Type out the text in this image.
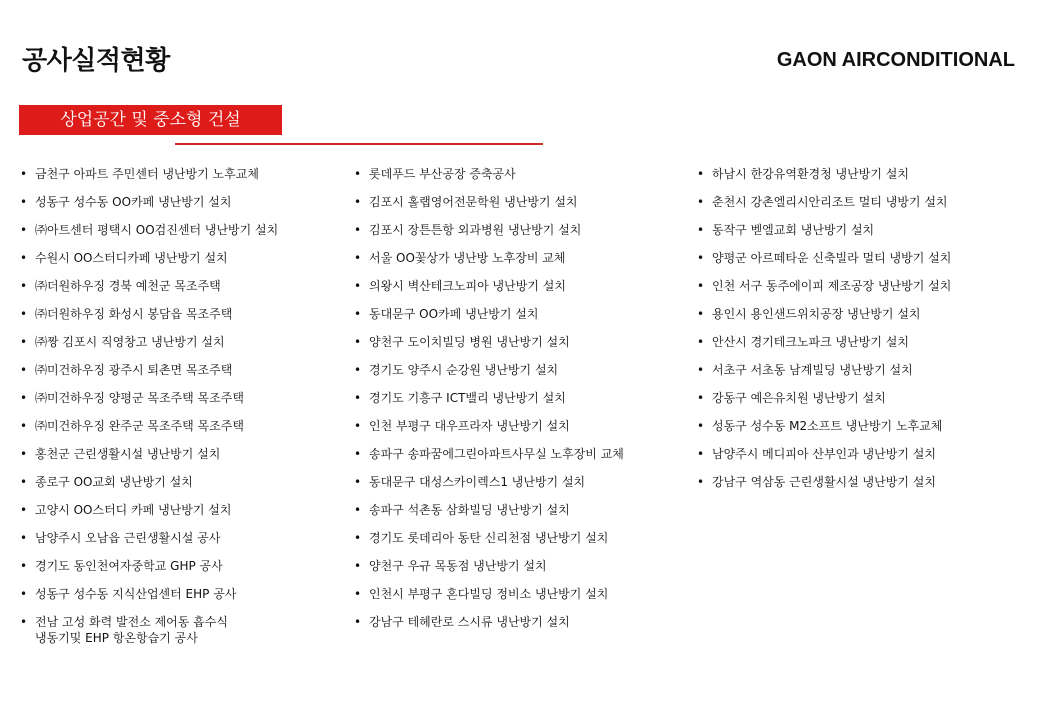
공사실적현황	GAON AIRCONDITIONAL
상업공간 및 중소형 건설
• 금천구 아파트 주민센터 냉난방기 노후교체
• 성동구 성수동 OO카페 냉난방기 설치
• ㈜아트센터 평택시 OO검진센터 냉난방기 설치
• 수원시 OO스터디카페 냉난방기 설치
• ㈜더원하우징 경북 예천군 목조주택
• ㈜더원하우징 화성시 봉담읍 목조주택
• ㈜짱 김포시 직영창고 냉난방기 설치
• ㈜미건하우징 광주시 퇴촌면 목조주택
• ㈜미건하우징 양평군 목조주택 목조주택
• ㈜미건하우징 완주군 목조주택 목조주택
• 홍천군 근린생활시설 냉난방기 설치
• 종로구 OO교회 냉난방기 설치
• 고양시 OO스터디 카페 냉난방기 설치
• 남양주시 오남읍 근린생활시설 공사
• 경기도 동인천여자중학교 GHP 공사
• 성동구 성수동 지식산업센터 EHP 공사
• 전남 고성 화력 발전소 제어동 흡수식
냉동기및 EHP 항온항습기 공사
• 롯데푸드 부산공장 증축공사
• 김포시 홀랩영어전문학원 냉난방기 설치
• 김포시 장튼튼항 외과병원 냉난방기 설치
• 서울 OO꽃상가 냉난방 노후장비 교체
• 의왕시 벽산테크노피아 냉난방기 설치
• 동대문구 OO카페 냉난방기 설치
• 양천구 도이치빌딩 병원 냉난방기 설치
• 경기도 양주시 순강원 냉난방기 설치
• 경기도 기흥구 ICT밸리 냉난방기 설치
• 인천 부평구 대우프라자 냉난방기 설치
• 송파구 송파꿈에그린아파트사무실 노후장비 교체
• 동대문구 대성스카이렉스1 냉난방기 설치
• 송파구 석촌동 삼화빌딩 냉난방기 설치
• 경기도 롯데리아 동탄 신리천점 냉난방기 설치
• 양천구 우규 목동점 냉난방기 설치
• 인천시 부평구 혼다빌딩 정비소 냉난방기 설치
• 강남구 테헤란로 스시류 냉난방기 설치
• 하남시 한강유역환경청 냉난방기 설치
• 춘천시 강촌엘리시안리조트 멀티 냉방기 설치
• 동작구 벧엘교회 냉난방기 설치
• 양평군 아르떼타운 신축빌라 멀티 냉방기 설치
• 인천 서구 동주에이피 제조공장 냉난방기 설치
• 용인시 용인샌드위치공장 냉난방기 설치
• 안산시 경기테크노파크 냉난방기 설치
• 서초구 서초동 남계빌딩 냉난방기 설치
• 강동구 예은유치원 냉난방기 설치
• 성동구 성수동 M2소프트 냉난방기 노후교체
• 남양주시 메디피아 산부인과 냉난방기 설치
• 강남구 역삼동 근린생활시설 냉난방기 설치
